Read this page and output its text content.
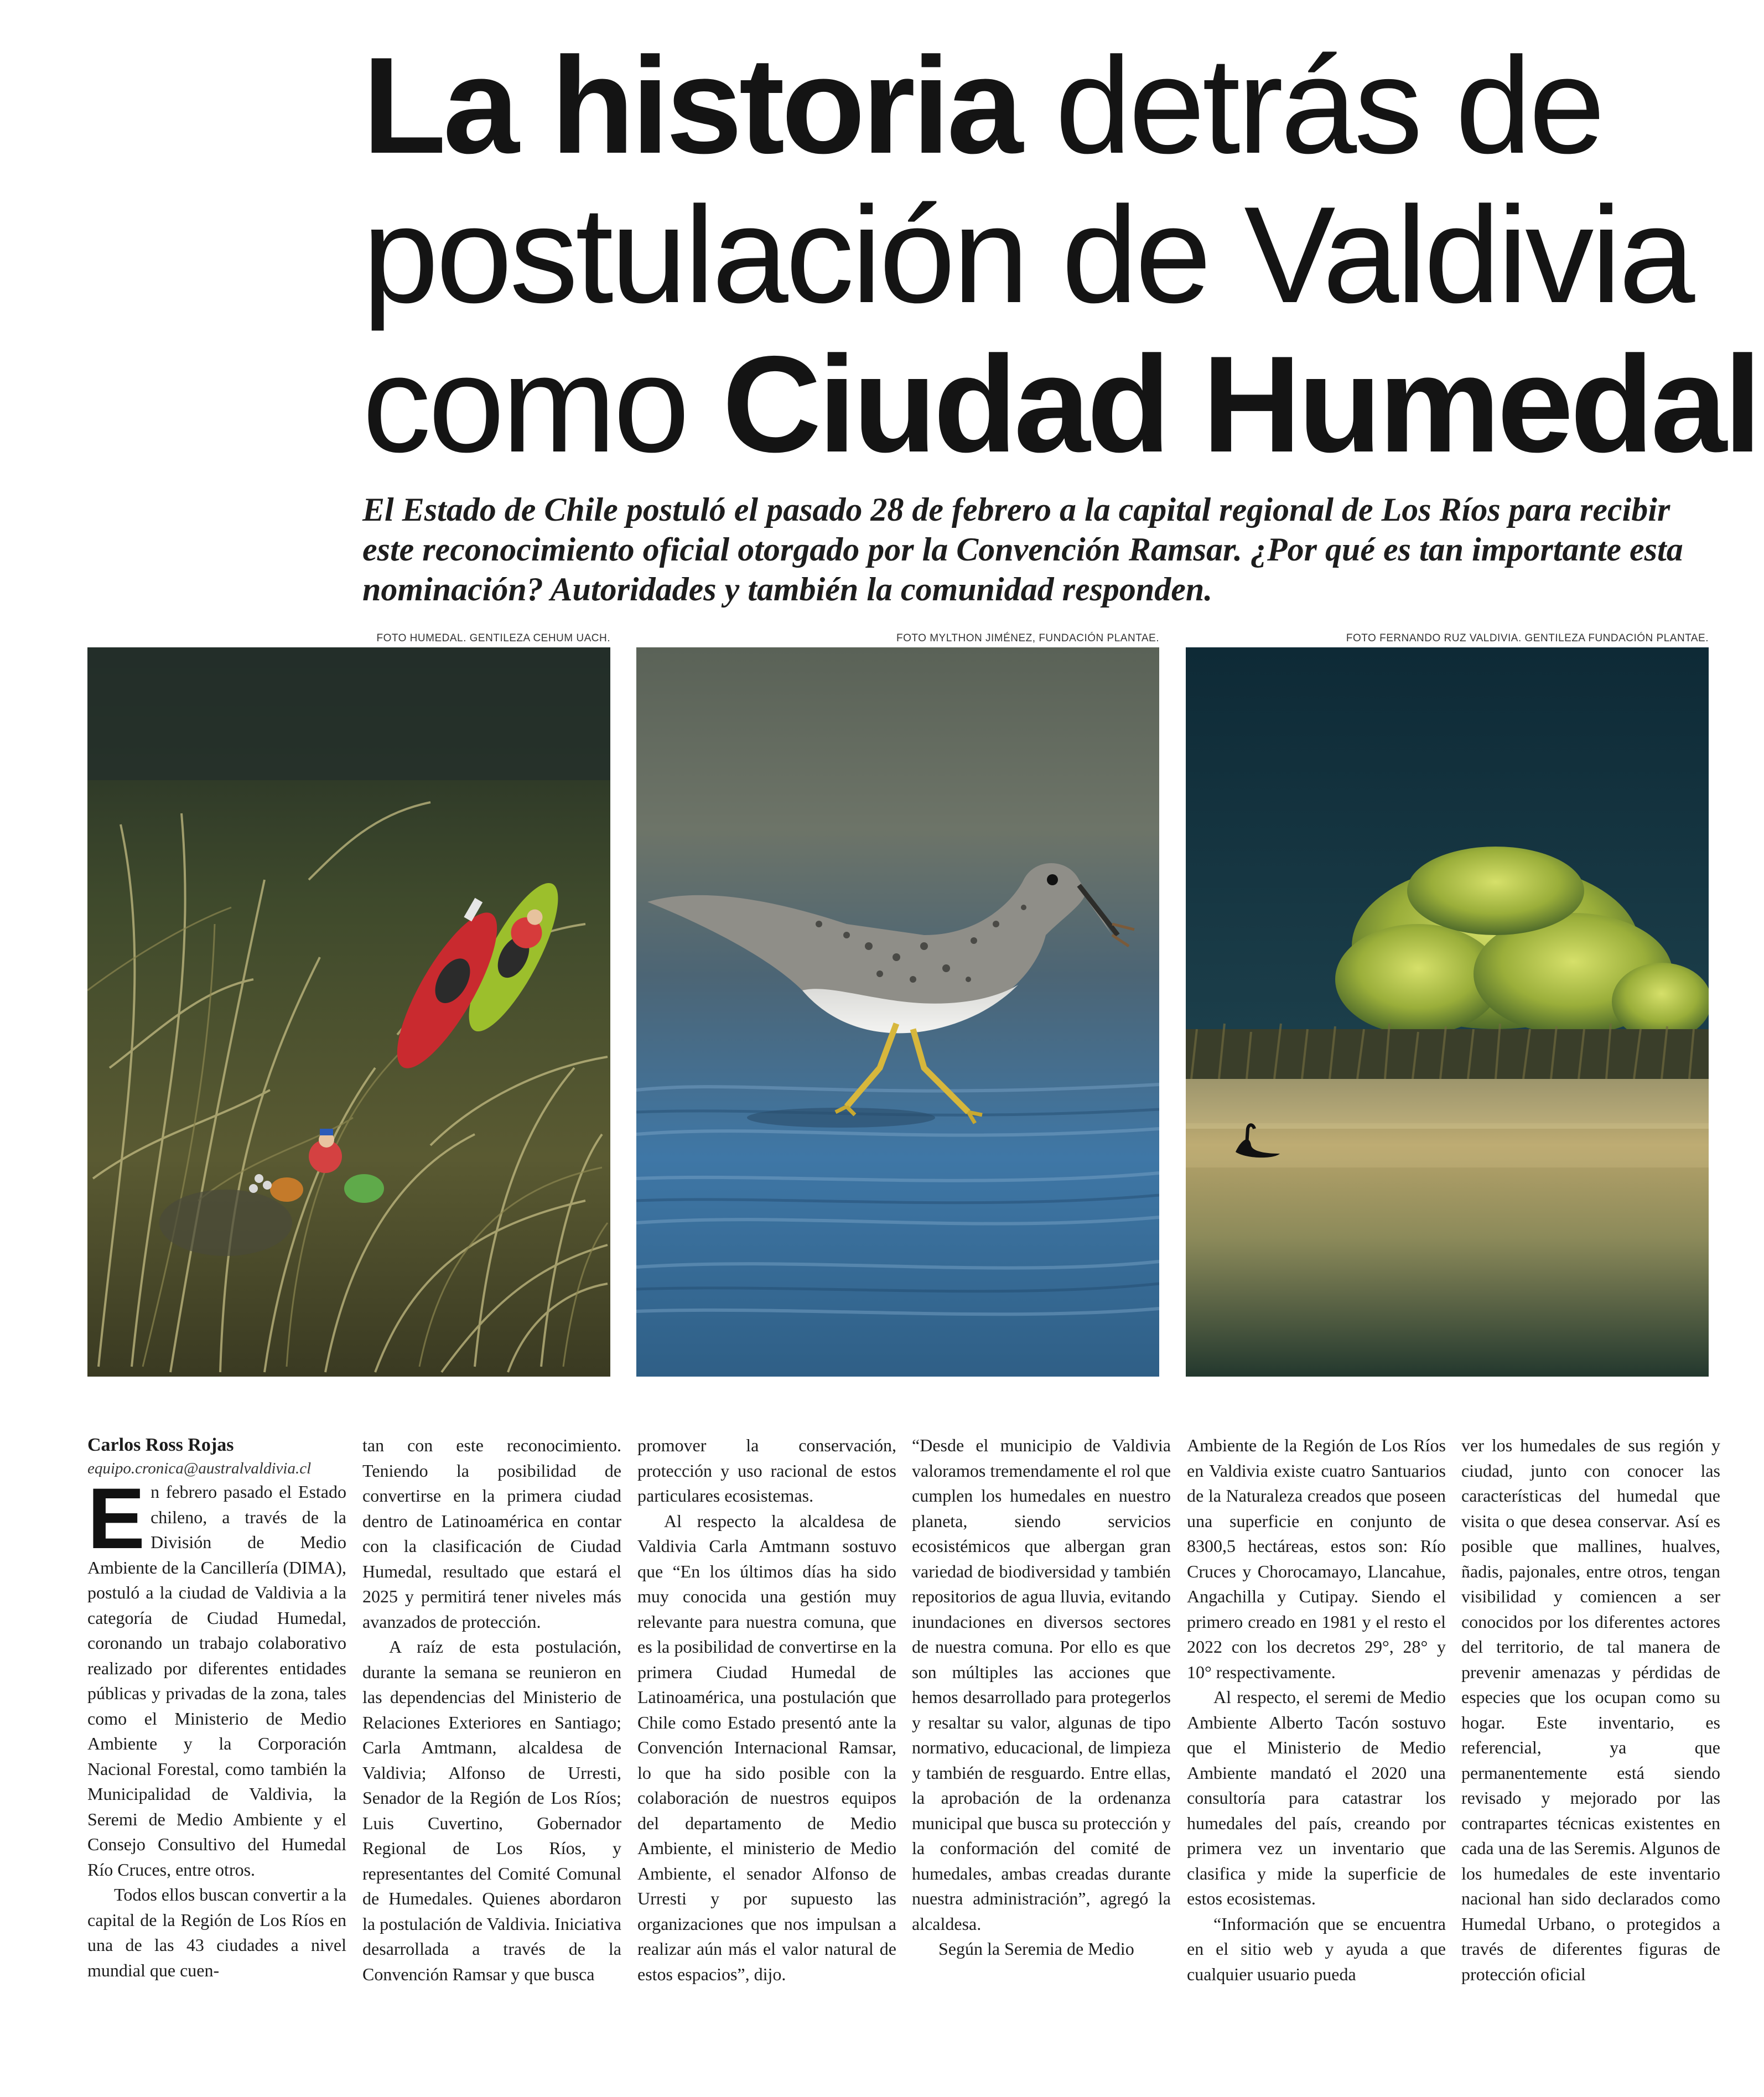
La historia detrás de
postulación de Valdivia
como Ciudad Humedal

El Estado de Chile postuló el pasado 28 de febrero a la capital regional de Los Ríos para recibir este reconocimiento oficial otorgado por la Convención Ramsar. ¿Por qué es tan importante esta nominación? Autoridades y también la comunidad responden.

FOTO HUMEDAL. GENTILEZA CEHUM UACH.	FOTO MYLTHON JIMÉNEZ, FUNDACIÓN PLANTAE.	FOTO FERNANDO RUZ VALDIVIA. GENTILEZA FUNDACIÓN PLANTAE.

Carlos Ross Rojas

equipo.cronica@australvaldivia.cl

En febrero pasado el Estado chileno, a través de la División de Medio Ambiente de la Cancillería (DIMA), postuló a la ciudad de Valdivia a la categoría de Ciudad Humedal, coronando un trabajo colaborativo realizado por diferentes entidades públicas y privadas de la zona, tales como el Ministerio de Medio Ambiente y la Corporación Nacional Forestal, como también la Municipalidad de Valdivia, la Seremi de Medio Ambiente y el Consejo Consultivo del Humedal Río Cruces, entre otros.

Todos ellos buscan convertir a la capital de la Región de Los Ríos en una de las 43 ciudades a nivel mundial que cuen-

tan con este reconocimiento. Teniendo la posibilidad de convertirse en la primera ciudad dentro de Latinoamérica en contar con la clasificación de Ciudad Humedal, resultado que estará el 2025 y permitirá tener niveles más avanzados de protección.

A raíz de esta postulación, durante la semana se reunieron en las dependencias del Ministerio de Relaciones Exteriores en Santiago; Carla Amtmann, alcaldesa de Valdivia; Alfonso de Urresti, Senador de la Región de Los Ríos; Luis Cuvertino, Gobernador Regional de Los Ríos, y representantes del Comité Comunal de Humedales. Quienes abordaron la postulación de Valdivia. Iniciativa desarrollada a través de la Convención Ramsar y que busca

promover la conservación, protección y uso racional de estos particulares ecosistemas.

Al respecto la alcaldesa de Valdivia Carla Amtmann sostuvo que “En los últimos días ha sido muy conocida una gestión muy relevante para nuestra comuna, que es la posibilidad de convertirse en la primera Ciudad Humedal de Latinoamérica, una postulación que Chile como Estado presentó ante la Convención Internacional Ramsar, lo que ha sido posible con la colaboración de nuestros equipos del departamento de Medio Ambiente, el ministerio de Medio Ambiente, el senador Alfonso de Urresti y por supuesto las organizaciones que nos impulsan a realizar aún más el valor natural de estos espacios”, dijo.

“Desde el municipio de Valdivia valoramos tremendamente el rol que cumplen los humedales en nuestro planeta, siendo servicios ecosistémicos que albergan gran variedad de biodiversidad y también repositorios de agua lluvia, evitando inundaciones en diversos sectores de nuestra comuna. Por ello es que son múltiples las acciones que hemos desarrollado para protegerlos y resaltar su valor, algunas de tipo normativo, educacional, de limpieza y también de resguardo. Entre ellas, la aprobación de la ordenanza municipal que busca su protección y la conformación del comité de humedales, ambas creadas durante nuestra administración”, agregó la alcaldesa.

Según la Seremia de Medio

Ambiente de la Región de Los Ríos en Valdivia existe cuatro Santuarios de la Naturaleza creados que poseen una superficie en conjunto de 8300,5 hectáreas, estos son: Río Cruces y Chorocamayo, Llancahue, Angachilla y Cutipay. Siendo el primero creado en 1981 y el resto el 2022 con los decretos 29°, 28° y 10° respectivamente.

Al respecto, el seremi de Medio Ambiente Alberto Tacón sostuvo que el Ministerio de Medio Ambiente mandató el 2020 una consultoría para catastrar los humedales del país, creando por primera vez un inventario que clasifica y mide la superficie de estos ecosistemas.

“Información que se encuentra en el sitio web y ayuda a que cualquier usuario pueda

ver los humedales de sus región y ciudad, junto con conocer las características del humedal que visita o que desea conservar. Así es posible que mallines, hualves, ñadis, pajonales, entre otros, tengan visibilidad y comiencen a ser conocidos por los diferentes actores del territorio, de tal manera de prevenir amenazas y pérdidas de especies que los ocupan como su hogar. Este inventario, es referencial, ya que permanentemente está siendo revisado y mejorado por las contrapartes técnicas existentes en cada una de las Seremis. Algunos de los humedales de este inventario nacional han sido declarados como Humedal Urbano, o protegidos a través de diferentes figuras de protección oficial
